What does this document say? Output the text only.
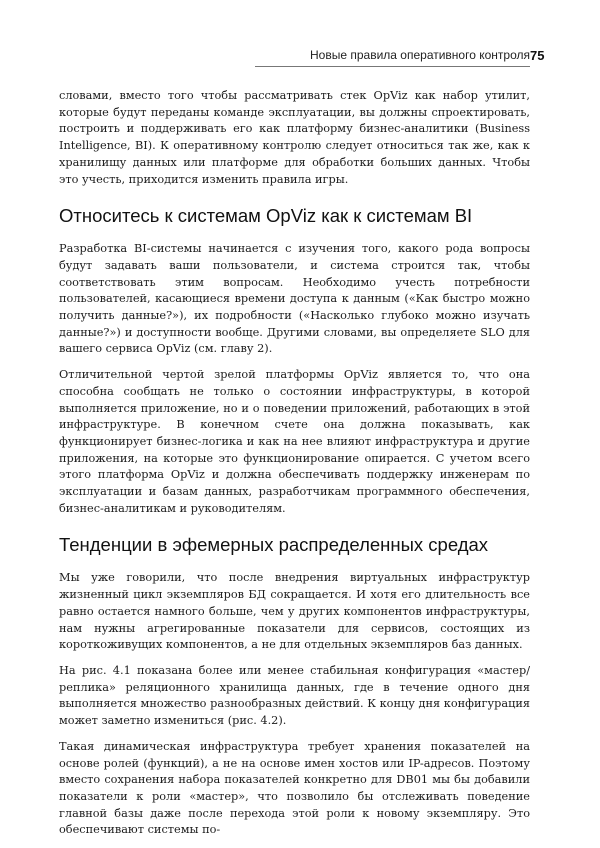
Новые правила оперативного контроля 75

словами, вместо того чтобы рассматривать стек OpViz как набор утилит, которые будут переданы команде эксплуатации, вы должны спроектировать, построить и поддерживать его как платформу бизнес-аналитики (Business Intelligence, BI). К оперативному контролю следует относиться так же, как к хранилищу данных или платформе для обработки больших данных. Чтобы это учесть, приходится изменить правила игры.

Относитесь к системам OpViz как к системам BI

Разработка BI-системы начинается с изучения того, какого рода вопросы будут задавать ваши пользователи, и система строится так, чтобы соответствовать этим вопросам. Необходимо учесть потребности пользователей, касающиеся времени доступа к данным («Как быстро можно получить данные?»), их подробности («Насколько глубоко можно изучать данные?») и доступности вообще. Другими словами, вы определяете SLO для вашего сервиса OpViz (см. главу 2).

Отличительной чертой зрелой платформы OpViz является то, что она способна сообщать не только о состоянии инфраструктуры, в которой выполняется приложение, но и о поведении приложений, работающих в этой инфраструктуре. В конечном счете она должна показывать, как функционирует бизнес-логика и как на нее влияют инфраструктура и другие приложения, на которые это функционирование опирается. С учетом всего этого платформа OpViz и должна обеспечивать поддержку инженерам по эксплуатации и базам данных, разработчикам программного обеспечения, бизнес-аналитикам и руководителям.

Тенденции в эфемерных распределенных средах

Мы уже говорили, что после внедрения виртуальных инфраструктур жизненный цикл экземпляров БД сокращается. И хотя его длительность все равно остается намного больше, чем у других компонентов инфраструктуры, нам нужны агрегированные показатели для сервисов, состоящих из короткоживущих компонентов, а не для отдельных экземпляров баз данных.

На рис. 4.1 показана более или менее стабильная конфигурация «мастер/реплика» реляционного хранилища данных, где в течение одного дня выполняется множество разнообразных действий. К концу дня конфигурация может заметно измениться (рис. 4.2).

Такая динамическая инфраструктура требует хранения показателей на основе ролей (функций), а не на основе имен хостов или IP-адресов. Поэтому вместо сохранения набора показателей конкретно для DB01 мы бы добавили показатели к роли «мастер», что позволило бы отслеживать поведение главной базы даже после перехода этой роли к новому экземпляру. Это обеспечивают системы по-
